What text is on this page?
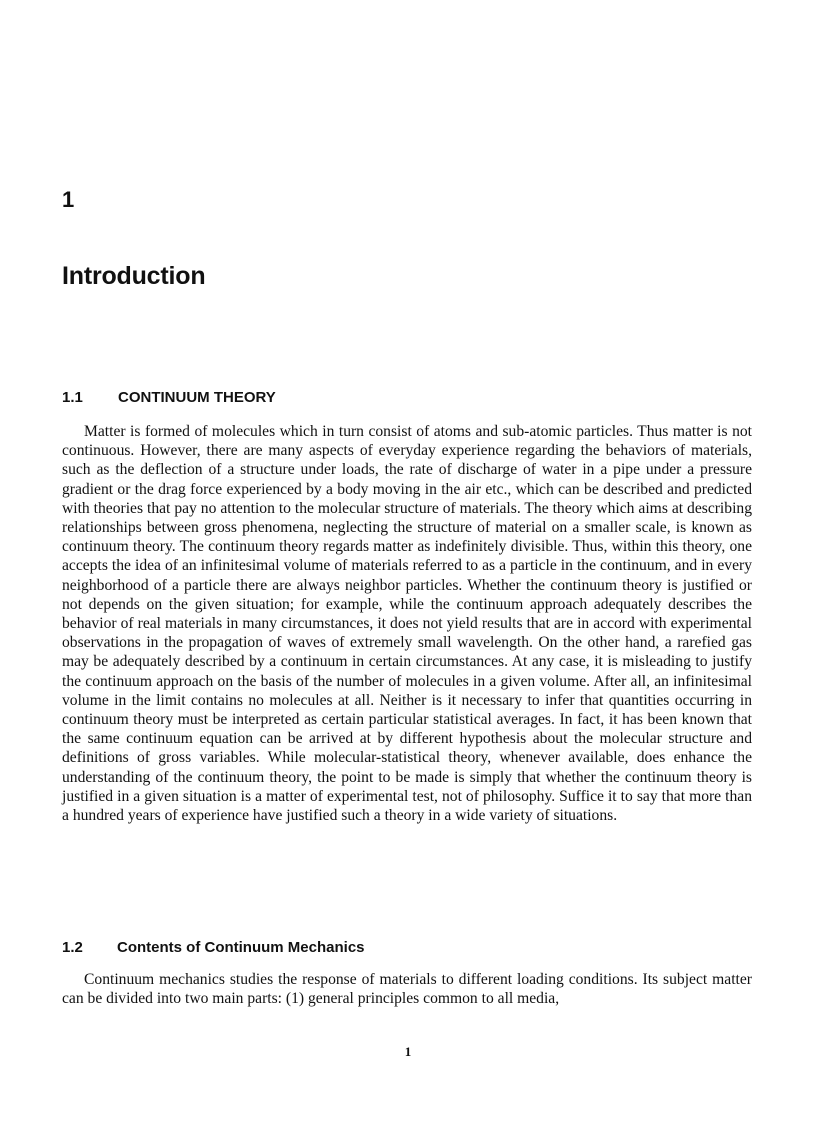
1
Introduction
1.1 CONTINUUM THEORY

Matter is formed of molecules which in turn consist of atoms and sub-atomic particles. Thus matter is not continuous. However, there are many aspects of everyday experience regarding the behaviors of materials, such as the deflection of a structure under loads, the rate of discharge of water in a pipe under a pressure gradient or the drag force experienced by a body moving in the air etc., which can be described and predicted with theories that pay no attention to the molecular structure of materials. The theory which aims at describing relationships between gross phenomena, neglecting the structure of material on a smaller scale, is known as continuum theory. The continuum theory regards matter as indefinitely divisible. Thus, within this theory, one accepts the idea of an infinitesimal volume of materials referred to as a particle in the continuum, and in every neighborhood of a particle there are always neighbor particles. Whether the continuum theory is justified or not depends on the given situation; for example, while the continuum approach adequately describes the behavior of real materials in many circumstances, it does not yield results that are in accord with experimental observations in the propagation of waves of extremely small wavelength. On the other hand, a rarefied gas may be adequately described by a continuum in certain circumstances. At any case, it is misleading to justify the continuum approach on the basis of the number of molecules in a given volume. After all, an infinitesimal volume in the limit contains no molecules at all. Neither is it necessary to infer that quantities occurring in continuum theory must be interpreted as certain particular statistical averages. In fact, it has been known that the same continuum equation can be arrived at by different hypothesis about the molecular structure and definitions of gross variables. While molecular-statistical theory, whenever available, does enhance the understanding of the continuum theory, the point to be made is simply that whether the continuum theory is justified in a given situation is a matter of experimental test, not of philosophy. Suffice it to say that more than a hundred years of experience have justified such a theory in a wide variety of situations.

1.2 Contents of Continuum Mechanics

Continuum mechanics studies the response of materials to different loading conditions. Its subject matter can be divided into two main parts: (1) general principles common to all media,

1
